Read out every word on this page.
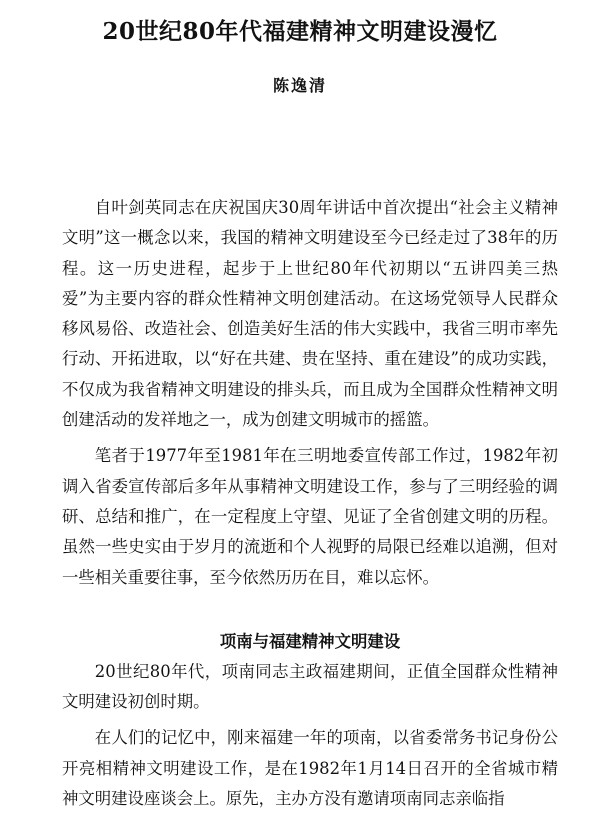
20世纪80年代福建精神文明建设漫忆
陈逸清

自叶剑英同志在庆祝国庆30周年讲话中首次提出“社会主义精神文明”这一概念以来，我国的精神文明建设至今已经走过了38年的历程。这一历史进程，起步于上世纪80年代初期以“五讲四美三热爱”为主要内容的群众性精神文明创建活动。在这场党领导人民群众移风易俗、改造社会、创造美好生活的伟大实践中，我省三明市率先行动、开拓进取，以“好在共建、贵在坚持、重在建设”的成功实践，不仅成为我省精神文明建设的排头兵，而且成为全国群众性精神文明创建活动的发祥地之一，成为创建文明城市的摇篮。

笔者于1977年至1981年在三明地委宣传部工作过，1982年初调入省委宣传部后多年从事精神文明建设工作，参与了三明经验的调研、总结和推广，在一定程度上守望、见证了全省创建文明的历程。虽然一些史实由于岁月的流逝和个人视野的局限已经难以追溯，但对一些相关重要往事，至今依然历历在目，难以忘怀。

项南与福建精神文明建设

20世纪80年代，项南同志主政福建期间，正值全国群众性精神文明建设初创时期。

在人们的记忆中，刚来福建一年的项南，以省委常务书记身份公开亮相精神文明建设工作，是在1982年1月14日召开的全省城市精神文明建设座谈会上。原先，主办方没有邀请项南同志亲临指
